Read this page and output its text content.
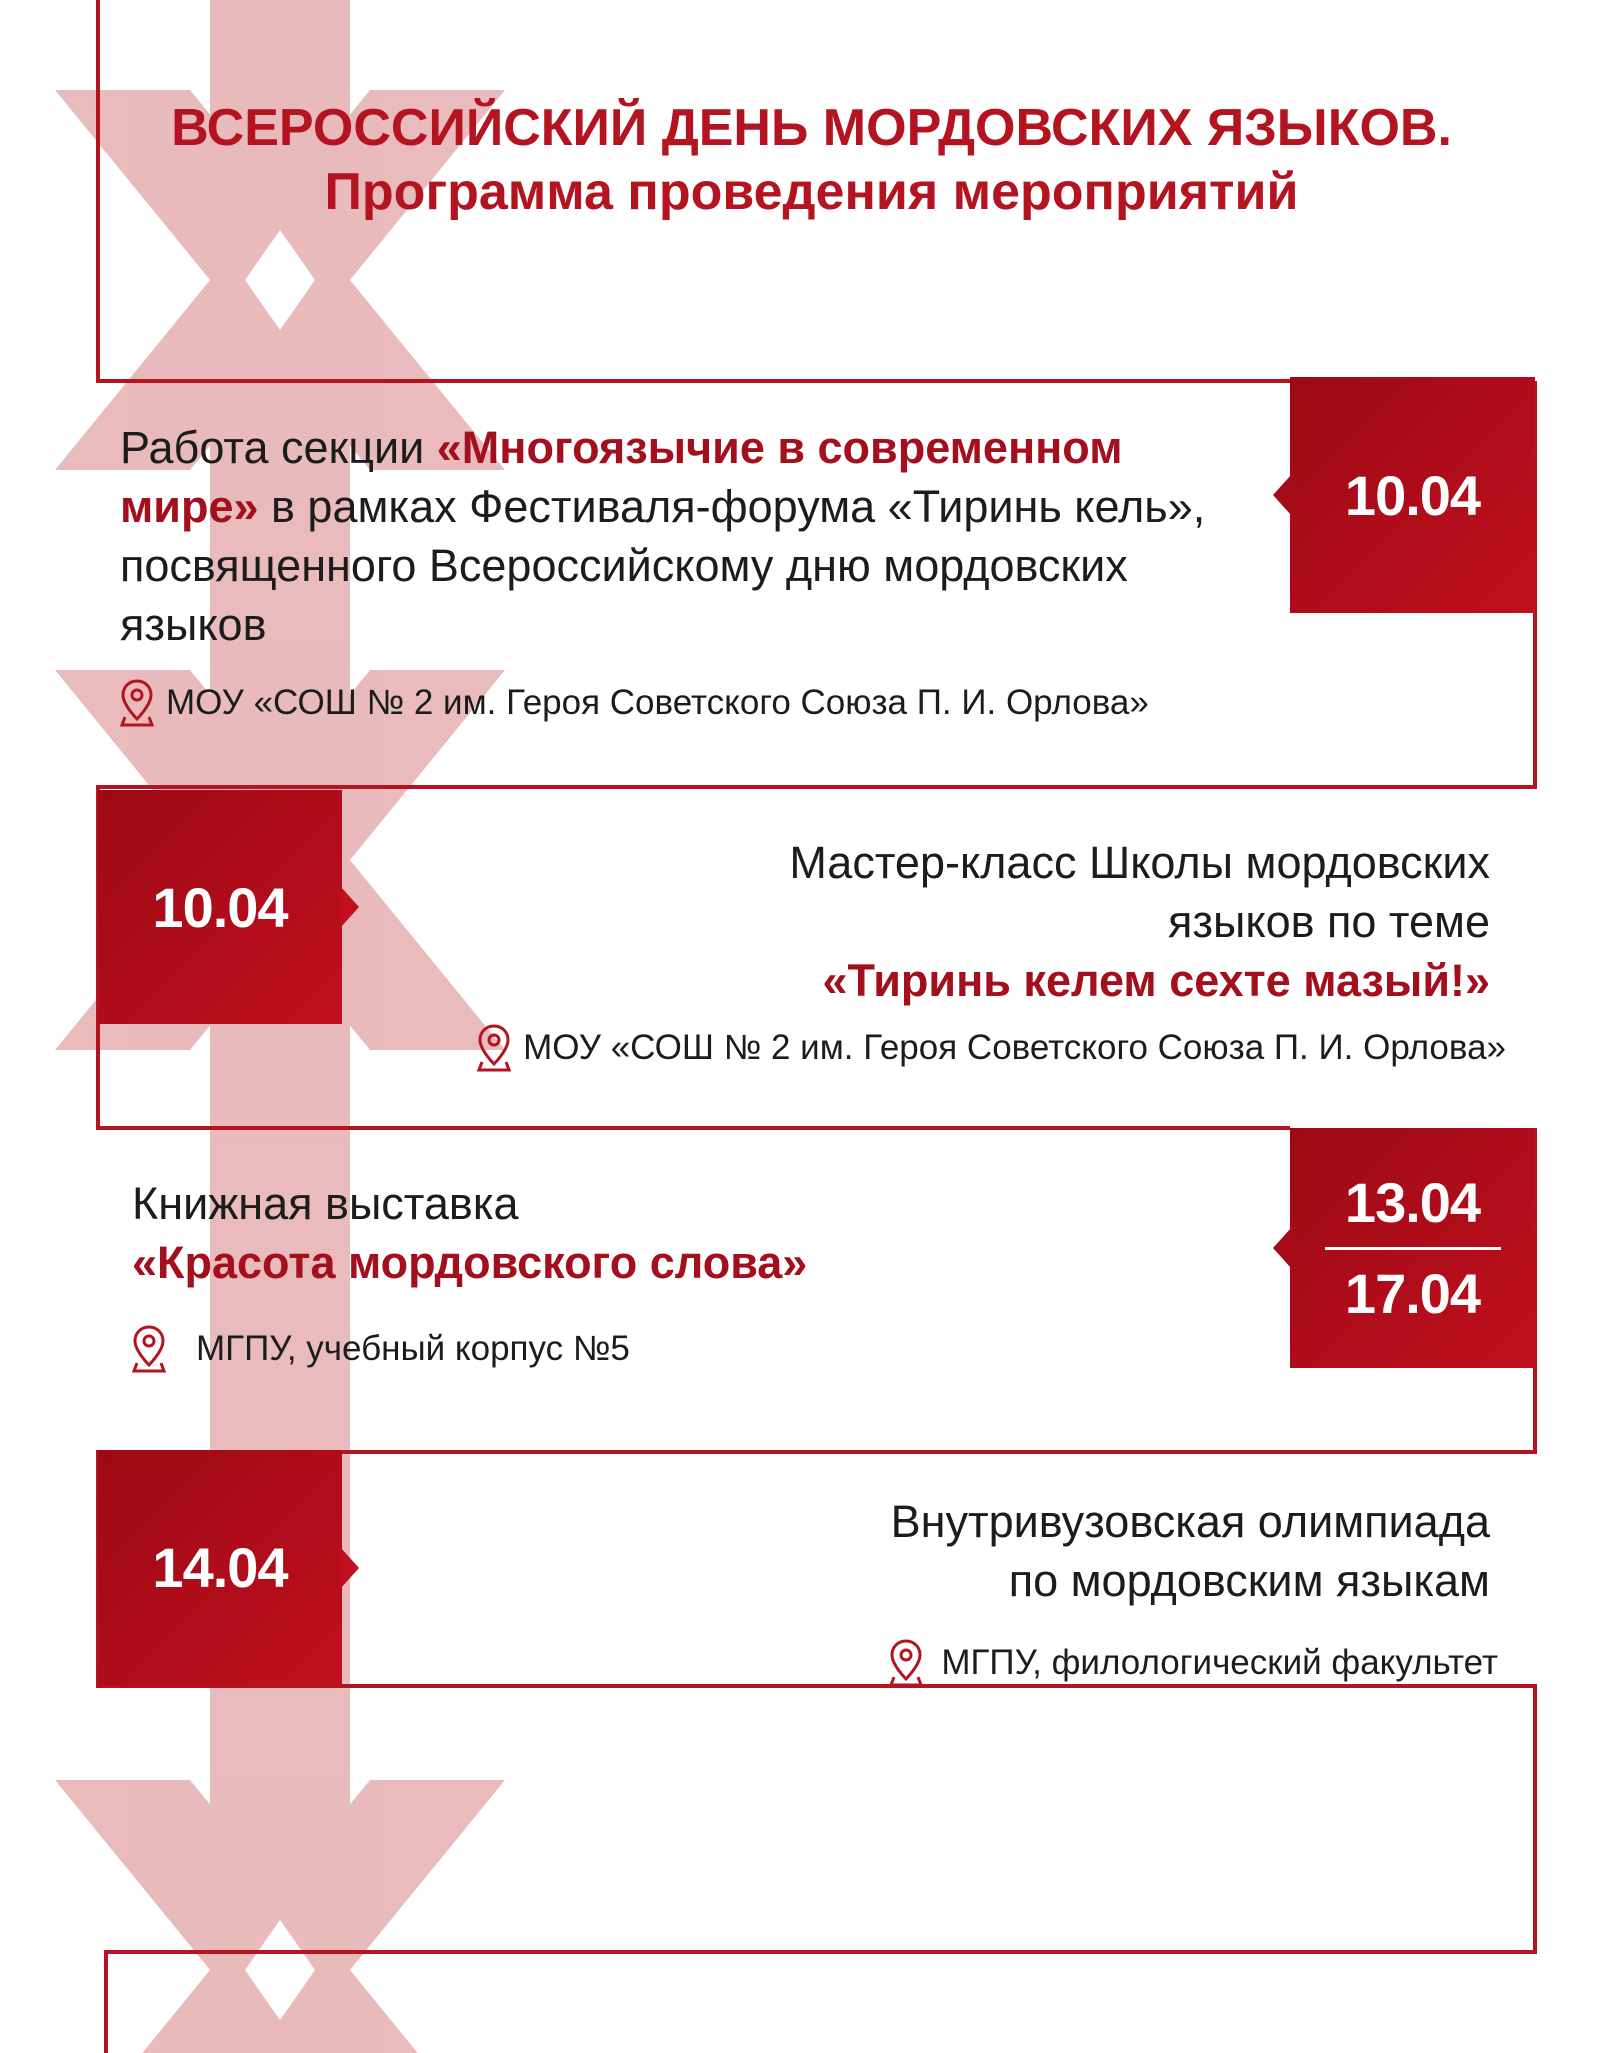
ВСЕРОССИЙСКИЙ ДЕНЬ МОРДОВСКИХ ЯЗЫКОВ.
Программа проведения мероприятий
10.04
Работа секции «Многоязычие в современном мире» в рамках Фестиваля-форума «Тиринь кель», посвященного Всероссийскому дню мордовских языков
МОУ «СОШ № 2 им. Героя Советского Союза П. И. Орлова»
10.04
Мастер-класс Школы мордовских
языков по теме
«Тиринь келем сехте мазый!»
МОУ «СОШ № 2 им. Героя Советского Союза П. И. Орлова»
13.04
17.04
Книжная выставка
«Красота мордовского слова»
МГПУ, учебный корпус №5
14.04
Внутривузовская олимпиада
по мордовским языкам
МГПУ, филологический факультет
